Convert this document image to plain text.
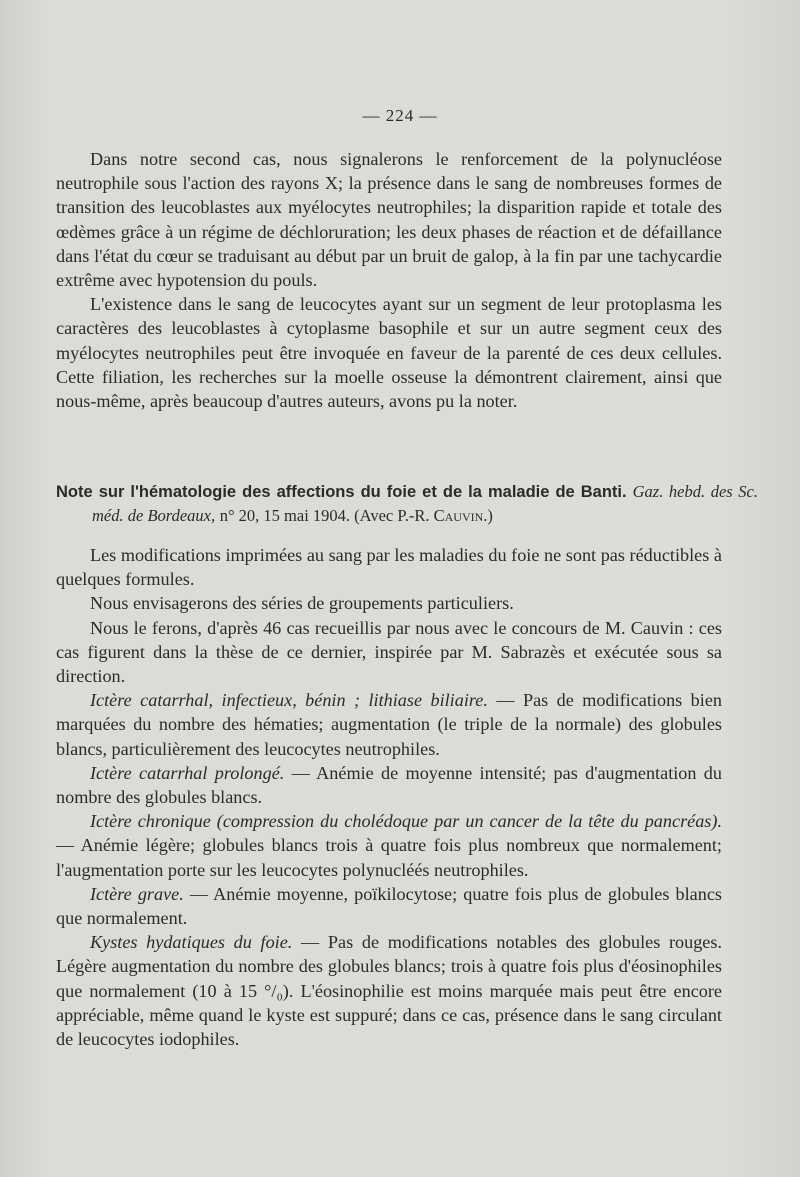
— 224 —

Dans notre second cas, nous signalerons le renforcement de la polynucléose neutrophile sous l'action des rayons X; la présence dans le sang de nombreuses formes de transition des leucoblastes aux myélocytes neutrophiles; la disparition rapide et totale des œdèmes grâce à un régime de déchloruration; les deux phases de réaction et de défaillance dans l'état du cœur se traduisant au début par un bruit de galop, à la fin par une tachycardie extrême avec hypotension du pouls.

L'existence dans le sang de leucocytes ayant sur un segment de leur protoplasma les caractères des leucoblastes à cytoplasme basophile et sur un autre segment ceux des myélocytes neutrophiles peut être invoquée en faveur de la parenté de ces deux cellules. Cette filiation, les recherches sur la moelle osseuse la démontrent clairement, ainsi que nous-même, après beaucoup d'autres auteurs, avons pu la noter.

Note sur l'hématologie des affections du foie et de la maladie de Banti. Gaz. hebd. des Sc. méd. de Bordeaux, n° 20, 15 mai 1904. (Avec P.-R. Cauvin.)

Les modifications imprimées au sang par les maladies du foie ne sont pas réductibles à quelques formules.

Nous envisagerons des séries de groupements particuliers.

Nous le ferons, d'après 46 cas recueillis par nous avec le concours de M. Cauvin : ces cas figurent dans la thèse de ce dernier, inspirée par M. Sabrazès et exécutée sous sa direction.

Ictère catarrhal, infectieux, bénin ; lithiase biliaire. — Pas de modifications bien marquées du nombre des hématies; augmentation (le triple de la normale) des globules blancs, particulièrement des leucocytes neutrophiles.

Ictère catarrhal prolongé. — Anémie de moyenne intensité; pas d'augmentation du nombre des globules blancs.

Ictère chronique (compression du cholédoque par un cancer de la tête du pancréas). — Anémie légère; globules blancs trois à quatre fois plus nombreux que normalement; l'augmentation porte sur les leucocytes polynucléés neutrophiles.

Ictère grave. — Anémie moyenne, poïkilocytose; quatre fois plus de globules blancs que normalement.

Kystes hydatiques du foie. — Pas de modifications notables des globules rouges. Légère augmentation du nombre des globules blancs; trois à quatre fois plus d'éosinophiles que normalement (10 à 15 °/₀). L'éosinophilie est moins marquée mais peut être encore appréciable, même quand le kyste est suppuré; dans ce cas, présence dans le sang circulant de leucocytes iodophiles.
